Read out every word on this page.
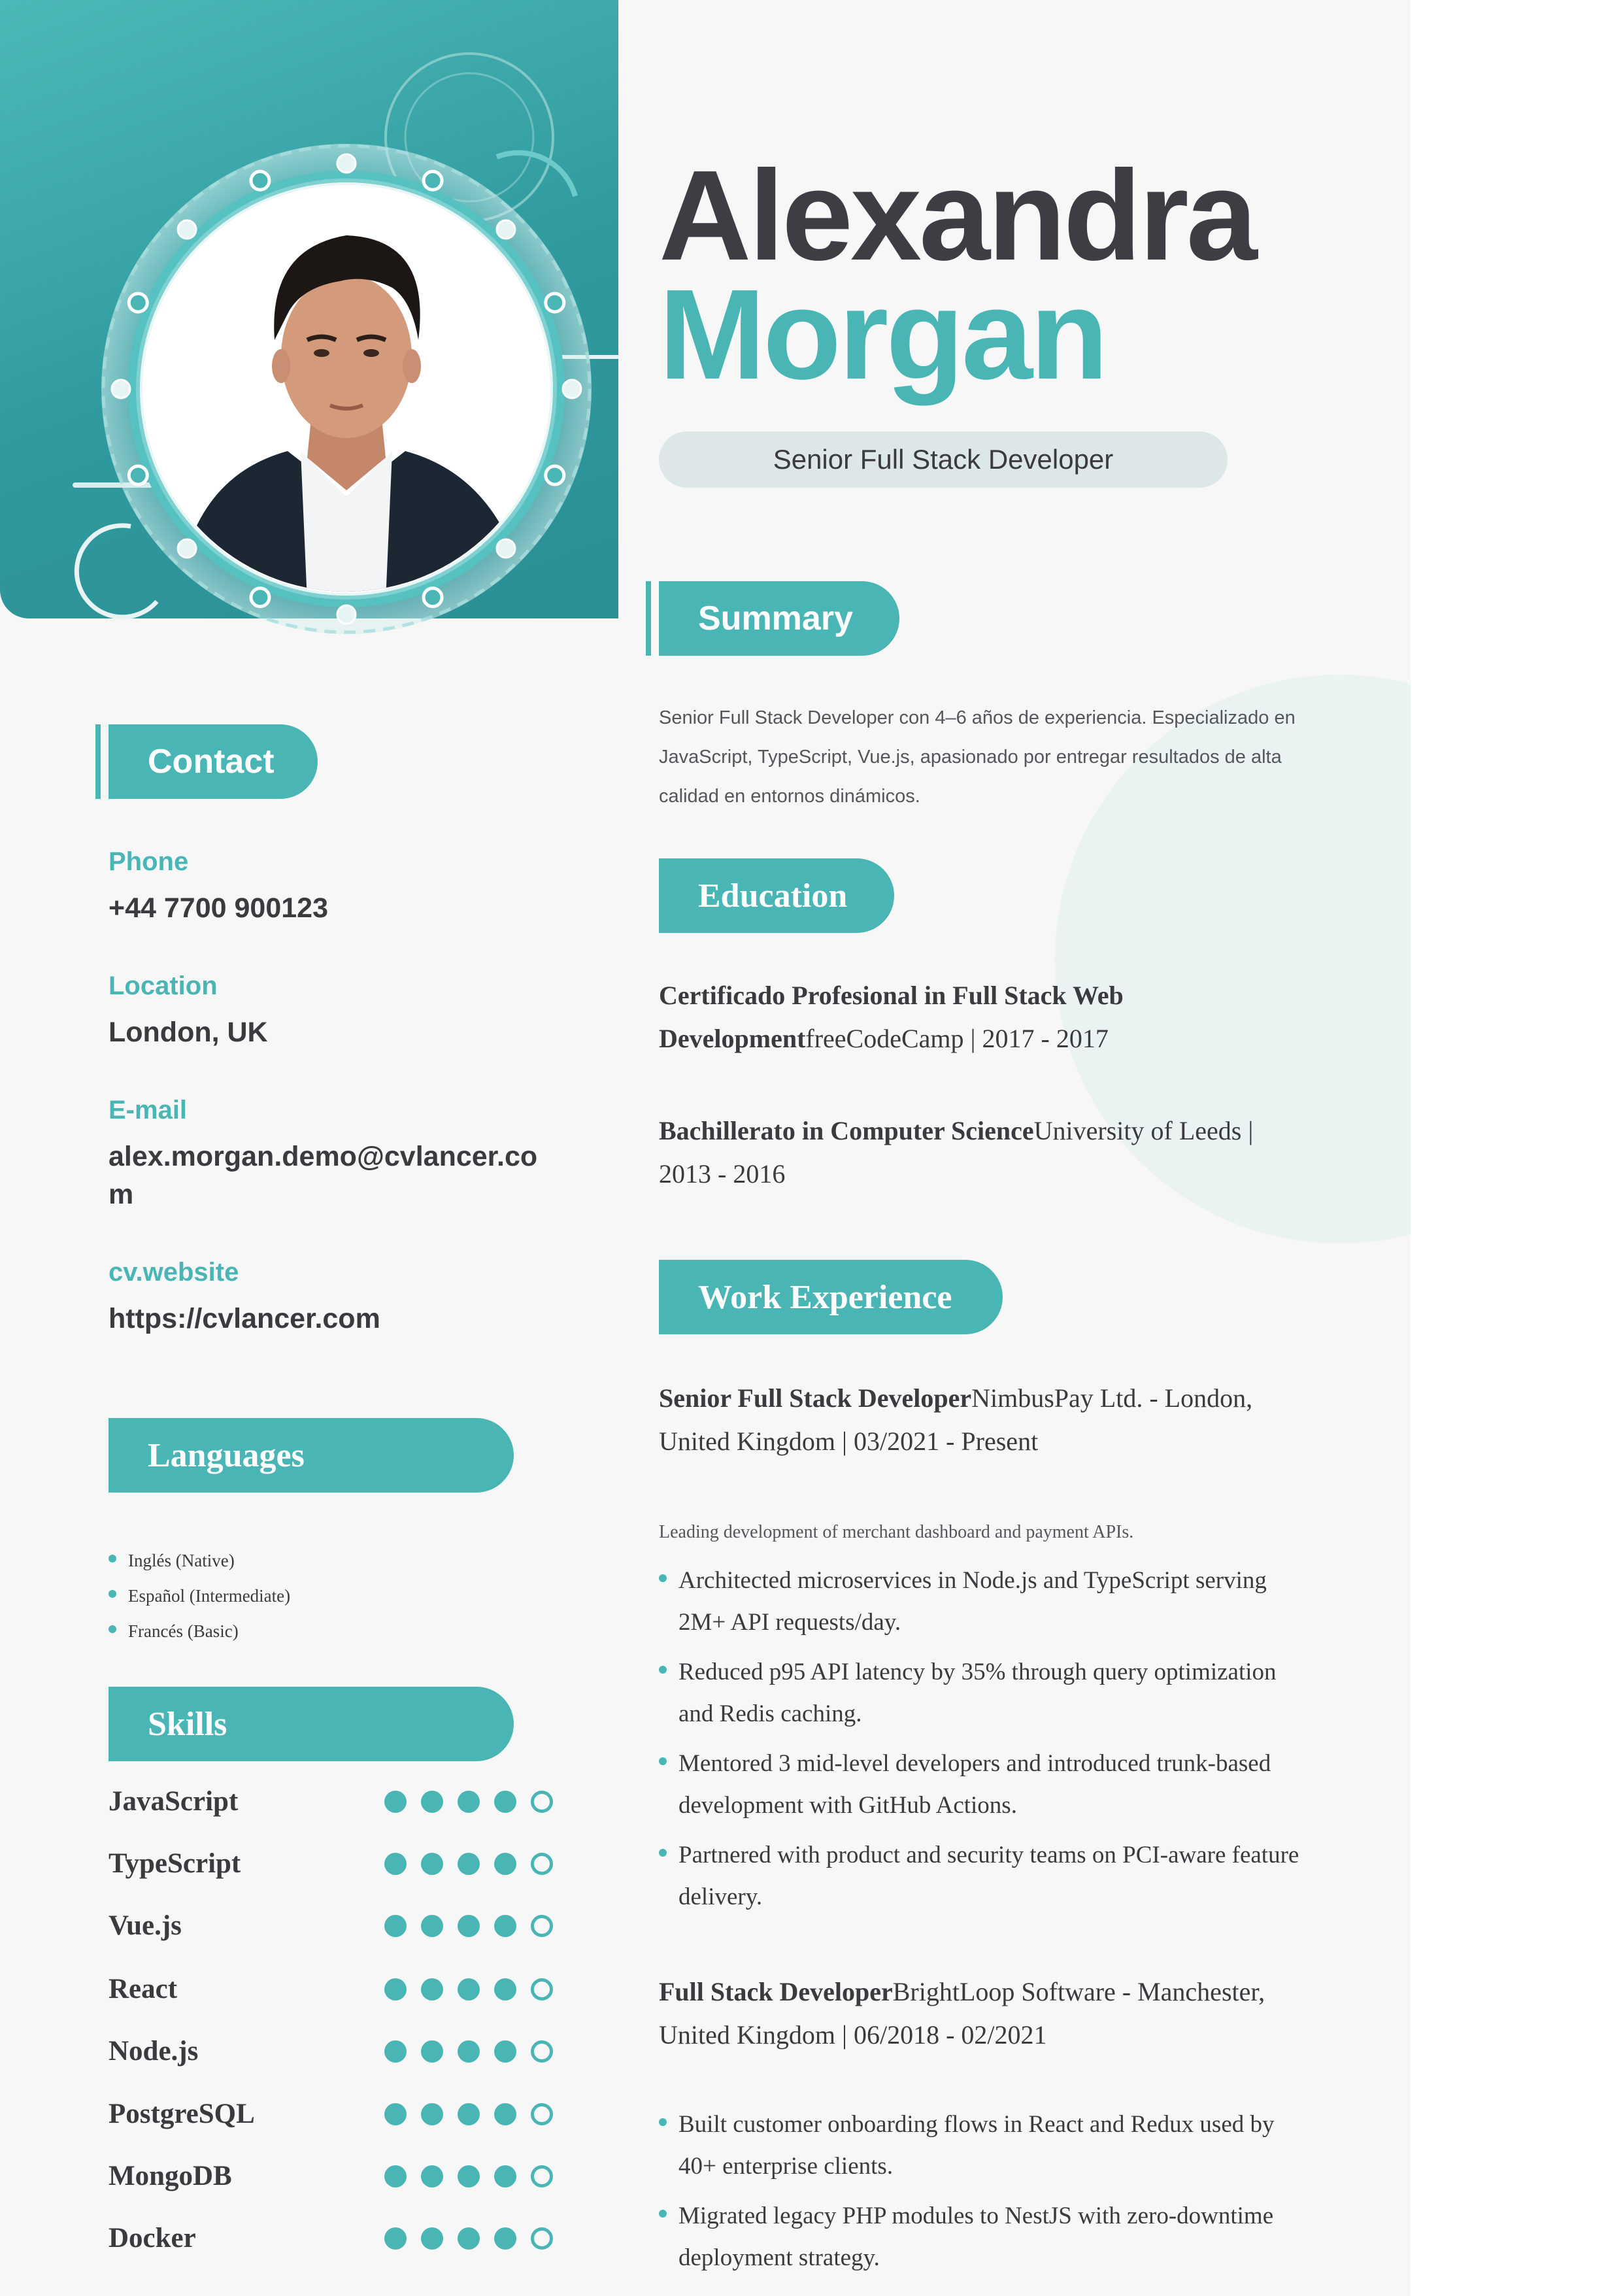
Contact
Phone
+44 7700 900123
Location
London, UK
E-mail
alex.morgan.demo@cvlancer.com
cv.website
https://cvlancer.com
Languages
Inglés (Native)
Español (Intermediate)
Francés (Basic)
Skills
JavaScript
TypeScript
Vue.js
React
Node.js
PostgreSQL
MongoDB
Docker
Alexandra
Morgan
Senior Full Stack Developer
Summary
Senior Full Stack Developer con 4–6 años de experiencia. Especializado en JavaScript, TypeScript, Vue.js, apasionado por entregar resultados de alta calidad en entornos dinámicos.
Education
Certificado Profesional in Full Stack Web DevelopmentfreeCodeCamp | 2017 - 2017
Bachillerato in Computer ScienceUniversity of Leeds | 2013 - 2016
Work Experience
Senior Full Stack DeveloperNimbusPay Ltd. - London, United Kingdom | 03/2021 - Present
Leading development of merchant dashboard and payment APIs.
Architected microservices in Node.js and TypeScript serving 2M+ API requests/day.
Reduced p95 API latency by 35% through query optimization and Redis caching.
Mentored 3 mid-level developers and introduced trunk-based development with GitHub Actions.
Partnered with product and security teams on PCI-aware feature delivery.
Full Stack DeveloperBrightLoop Software - Manchester, United Kingdom | 06/2018 - 02/2021
Built customer onboarding flows in React and Redux used by 40+ enterprise clients.
Migrated legacy PHP modules to NestJS with zero-downtime deployment strategy.
